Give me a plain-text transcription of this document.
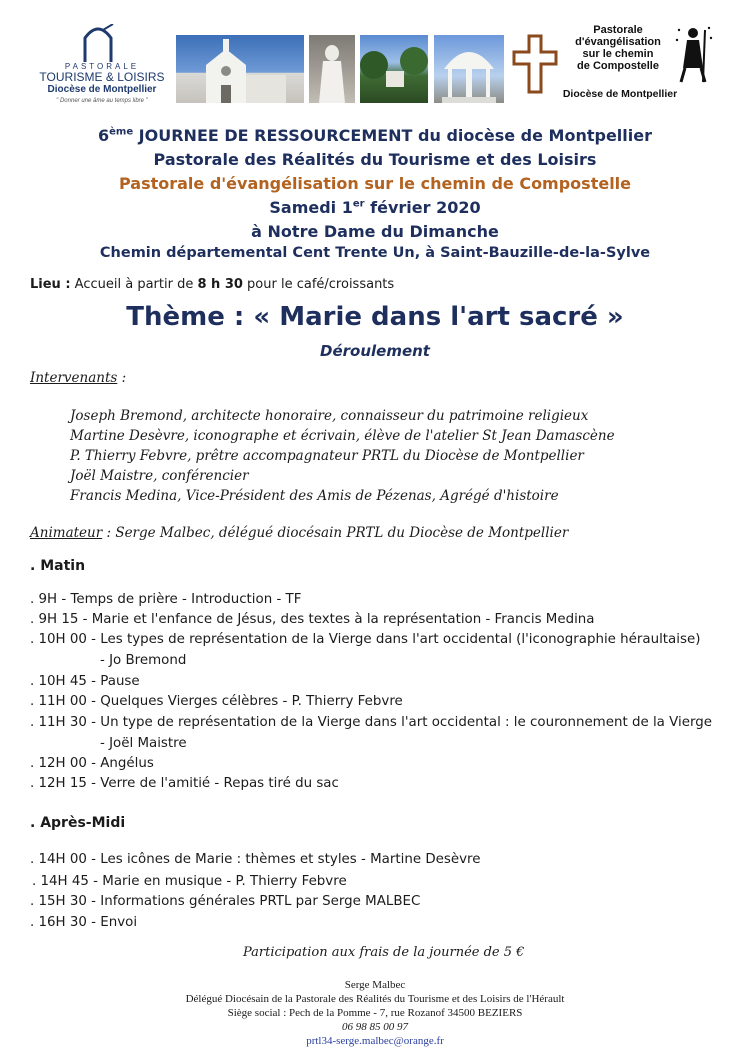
PASTORALE
TOURISME & LOISIRS
Diocèse de Montpellier
" Donner une âme au temps libre "
Pastorale
d'évangélisation
sur le chemin
de Compostelle
Diocèse de Montpellier
6ème JOURNEE DE RESSOURCEMENT du diocèse de Montpellier
Pastorale des Réalités du Tourisme et des Loisirs
Pastorale d'évangélisation sur le chemin de Compostelle
Samedi 1er février 2020
à Notre Dame du Dimanche
Chemin départemental Cent Trente Un, à Saint-Bauzille-de-la-Sylve
Lieu : Accueil à partir de 8 h 30 pour le café/croissants
Thème : « Marie dans l'art sacré »
Déroulement
Intervenants :
Joseph Bremond, architecte honoraire, connaisseur du patrimoine religieux
Martine Desèvre, iconographe et écrivain, élève de l'atelier St Jean Damascène
P. Thierry Febvre, prêtre accompagnateur PRTL du Diocèse de Montpellier
Joël Maistre, conférencier
Francis Medina, Vice-Président des Amis de Pézenas, Agrégé d'histoire
Animateur : Serge Malbec, délégué diocésain PRTL du Diocèse de Montpellier
. Matin
. 9H - Temps de prière - Introduction - TF
. 9H 15 - Marie et l'enfance de Jésus, des textes à la représentation - Francis Medina
. 10H 00 - Les types de représentation de la Vierge dans l'art occidental (l'iconographie héraultaise)
- Jo Bremond
. 10H 45 - Pause
. 11H 00 - Quelques Vierges célèbres - P. Thierry Febvre
. 11H 30 - Un type de représentation de la Vierge dans l'art occidental : le couronnement de la Vierge
- Joël Maistre
. 12H 00 - Angélus
. 12H 15 - Verre de l'amitié - Repas tiré du sac
. Après-Midi
. 14H 00 - Les icônes de Marie : thèmes et styles - Martine Desèvre
. 14H 45 - Marie en musique - P. Thierry Febvre
. 15H 30 - Informations générales PRTL par Serge MALBEC
. 16H 30 - Envoi
Participation aux frais de la journée de 5 €
Serge Malbec
Délégué Diocésain de la Pastorale des Réalités du Tourisme et des Loisirs de l'Hérault
Siège social : Pech de la Pomme - 7, rue Rozanof 34500 BEZIERS
06 98 85 00 97
prtl34-serge.malbec@orange.fr
